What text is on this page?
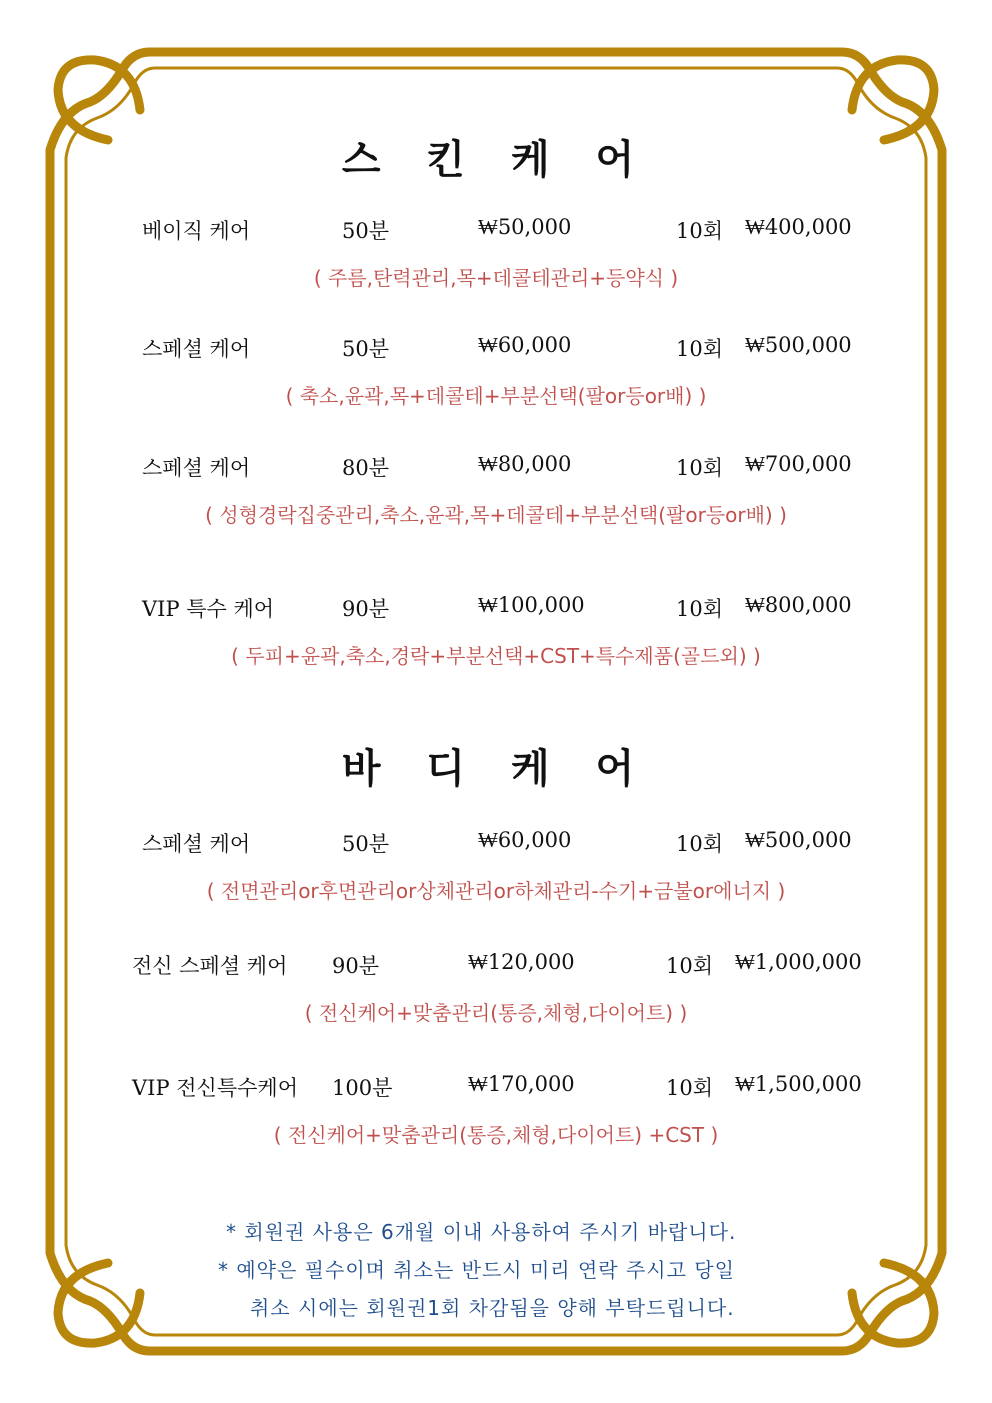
스 킨 케 어
베이직 케어	50분	₩50,000	10회 ₩400,000
( 주름,탄력관리,목+데콜테관리+등약식 )
스페셜 케어	50분	₩60,000	10회 ₩500,000
( 축소,윤곽,목+데콜테+부분선택(팔or등or배) )
스페셜 케어	80분	₩80,000	10회 ₩700,000
( 성형경락집중관리,축소,윤곽,목+데콜테+부분선택(팔or등or배) )
VIP 특수 케어	90분	₩100,000	10회 ₩800,000
( 두피+윤곽,축소,경락+부분선택+CST+특수제품(골드외) )
바 디 케 어
스페셜 케어	50분	₩60,000	10회 ₩500,000
( 전면관리or후면관리or상체관리or하체관리-수기+금불or에너지 )
전신 스페셜 케어 90분	₩120,000	10회 ₩1,000,000
( 전신케어+맞춤관리(통증,체형,다이어트) )
VIP 전신특수케어 100분	₩170,000	10회 ₩1,500,000
( 전신케어+맞춤관리(통증,체형,다이어트) +CST )
* 회원권 사용은 6개월 이내 사용하여 주시기 바랍니다.
* 예약은 필수이며 취소는 반드시 미리 연락 주시고 당일
취소 시에는 회원권1회 차감됨을 양해 부탁드립니다.
